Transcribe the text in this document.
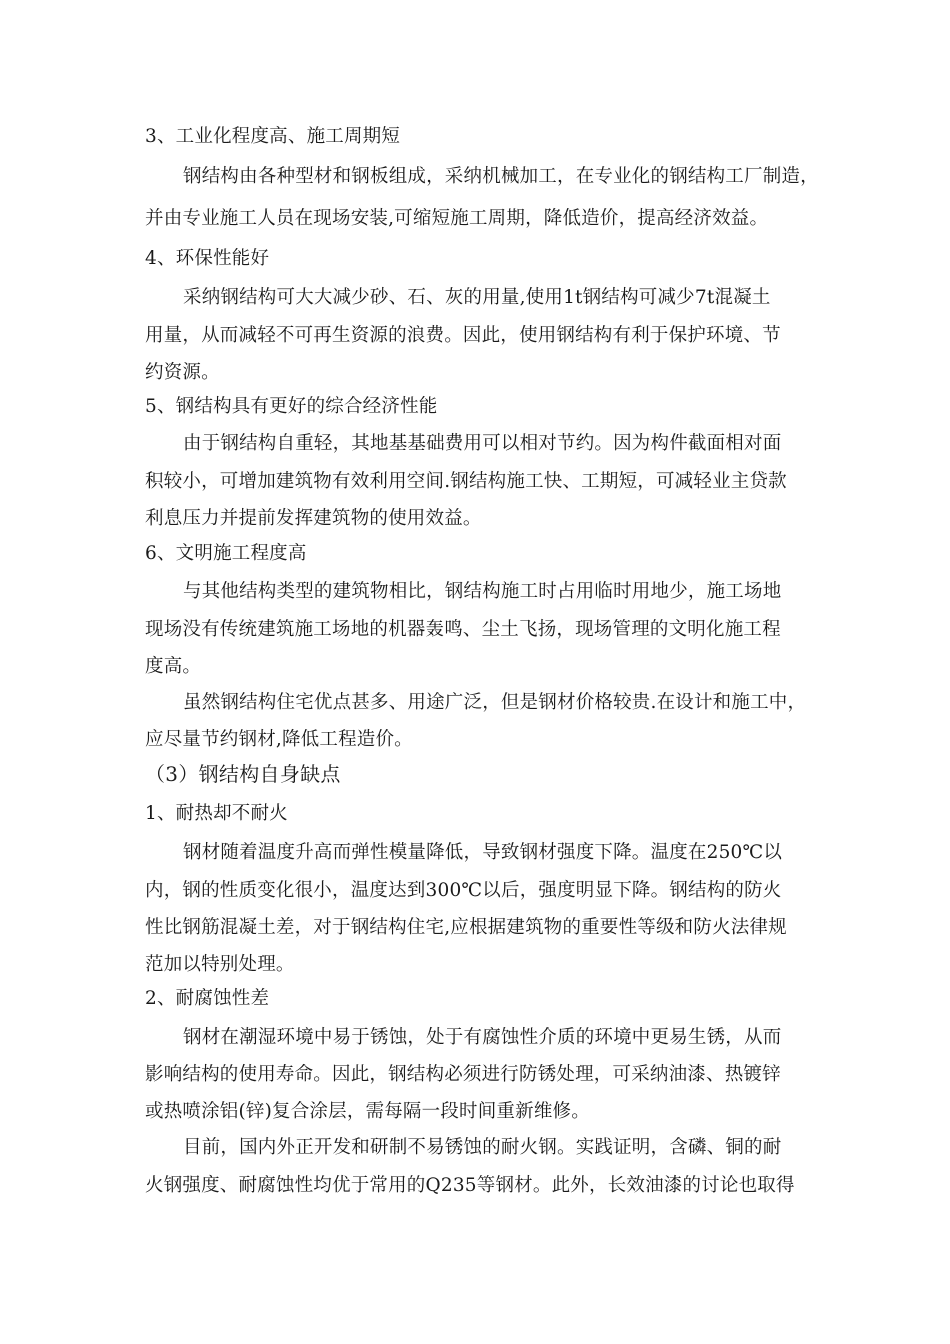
3、工业化程度高、施工周期短
钢结构由各种型材和钢板组成，采纳机械加工，在专业化的钢结构工厂制造，
并由专业施工人员在现场安装,可缩短施工周期，降低造价，提高经济效益。
4、环保性能好
采纳钢结构可大大减少砂、石、灰的用量,使用1t钢结构可减少7t混凝土
用量，从而减轻不可再生资源的浪费。因此，使用钢结构有利于保护环境、节
约资源。
5、钢结构具有更好的综合经济性能
由于钢结构自重轻，其地基基础费用可以相对节约。因为构件截面相对面
积较小，可增加建筑物有效利用空间.钢结构施工快、工期短，可减轻业主贷款
利息压力并提前发挥建筑物的使用效益。
6、文明施工程度高
与其他结构类型的建筑物相比，钢结构施工时占用临时用地少，施工场地
现场没有传统建筑施工场地的机器轰鸣、尘土飞扬，现场管理的文明化施工程
度高。
虽然钢结构住宅优点甚多、用途广泛，但是钢材价格较贵.在设计和施工中，
应尽量节约钢材,降低工程造价。
（3）钢结构自身缺点
1、耐热却不耐火
钢材随着温度升高而弹性模量降低，导致钢材强度下降。温度在250℃以
内，钢的性质变化很小，温度达到300℃以后，强度明显下降。钢结构的防火
性比钢筋混凝土差，对于钢结构住宅,应根据建筑物的重要性等级和防火法律规
范加以特别处理。
2、耐腐蚀性差
钢材在潮湿环境中易于锈蚀，处于有腐蚀性介质的环境中更易生锈，从而
影响结构的使用寿命。因此，钢结构必须进行防锈处理，可采纳油漆、热镀锌
或热喷涂铝(锌)复合涂层，需每隔一段时间重新维修。
目前，国内外正开发和研制不易锈蚀的耐火钢。实践证明，含磷、铜的耐
火钢强度、耐腐蚀性均优于常用的Q235等钢材。此外，长效油漆的讨论也取得
